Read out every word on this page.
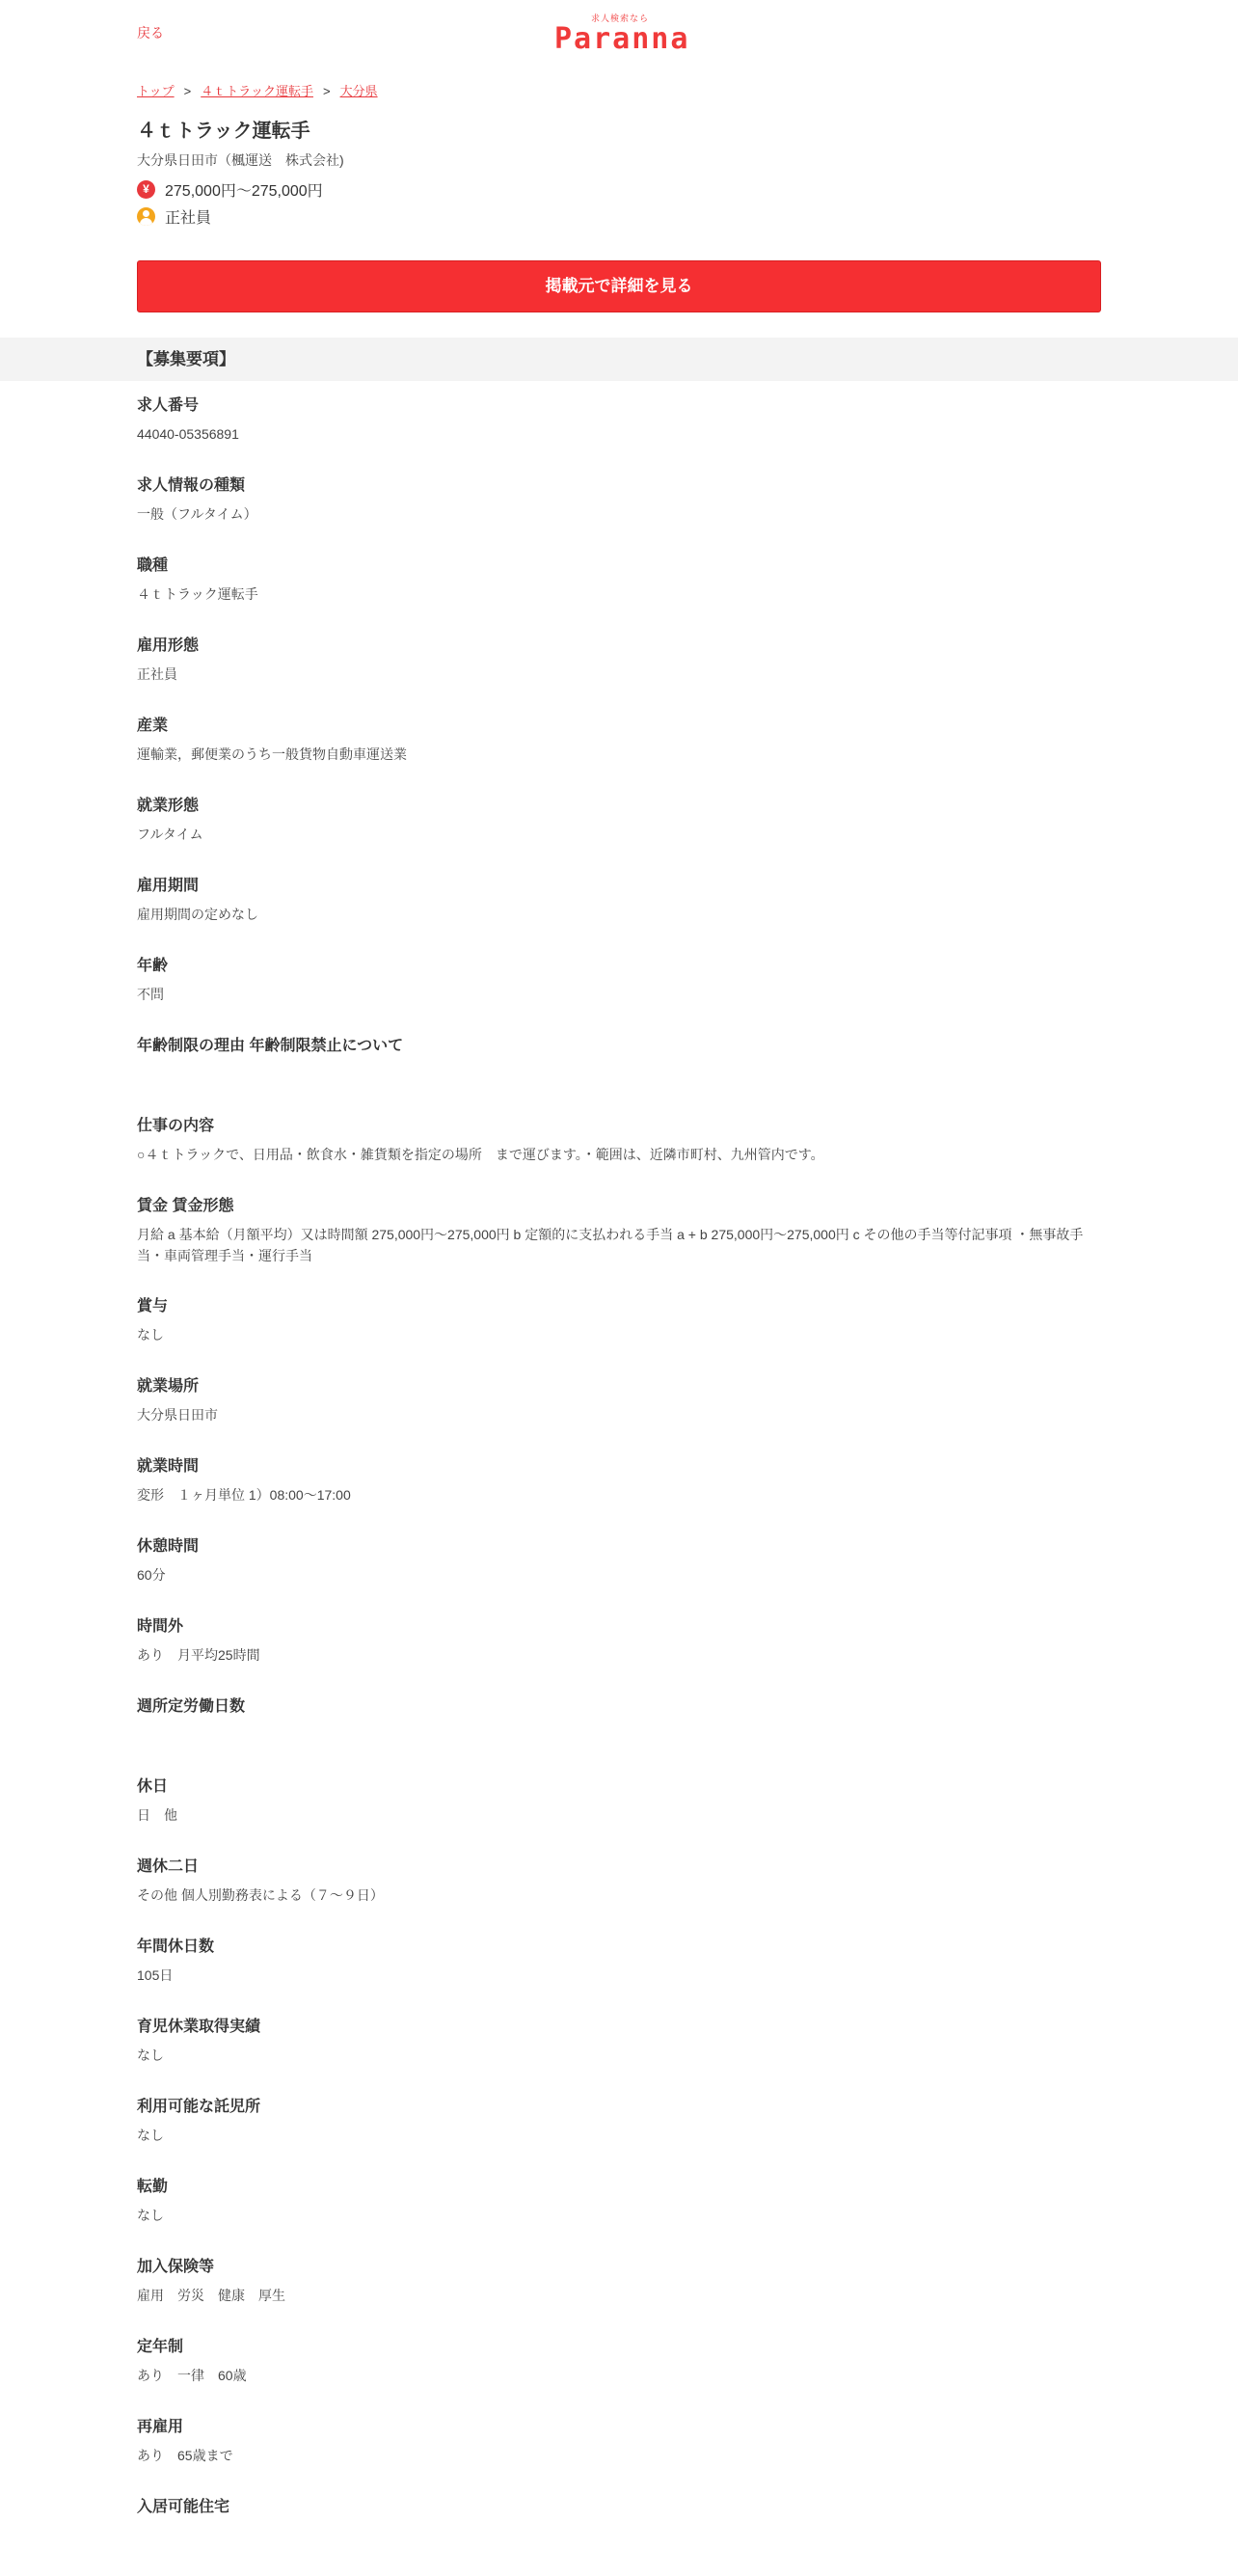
戻る
求人検索なら
Paranna
トップ > ４ｔトラック運転手 > 大分県
４ｔトラック運転手
大分県日田市（楓運送　株式会社)
¥	275,000円～275,000円
正社員
掲載元で詳細を見る
【募集要項】
求人番号
44040-05356891
求人情報の種類
一般（フルタイム）
職種
４ｔトラック運転手
雇用形態
正社員
産業
運輸業，郵便業のうち一般貨物自動車運送業
就業形態
フルタイム
雇用期間
雇用期間の定めなし
年齢
不問
年齢制限の理由 年齢制限禁止について
仕事の内容
○４ｔトラックで、日用品・飲食水・雑貨類を指定の場所　まで運びます。・範囲は、近隣市町村、九州管内です。
賃金 賃金形態
月給 a 基本給（月額平均）又は時間額 275,000円～275,000円 b 定額的に支払われる手当 a + b 275,000円～275,000円 c その他の手当等付記事項 ・無事故手当・車両管理手当・運行手当
賞与
なし
就業場所
大分県日田市
就業時間
変形　１ヶ月単位 1）08:00～17:00
休憩時間
60分
時間外
あり　月平均25時間
週所定労働日数
休日
日　他
週休二日
その他 個人別勤務表による（７～９日）
年間休日数
105日
育児休業取得実績
なし
利用可能な託児所
なし
転勤
なし
加入保険等
雇用　労災　健康　厚生
定年制
あり　一律　60歳
再雇用
あり　65歳まで
入居可能住宅
